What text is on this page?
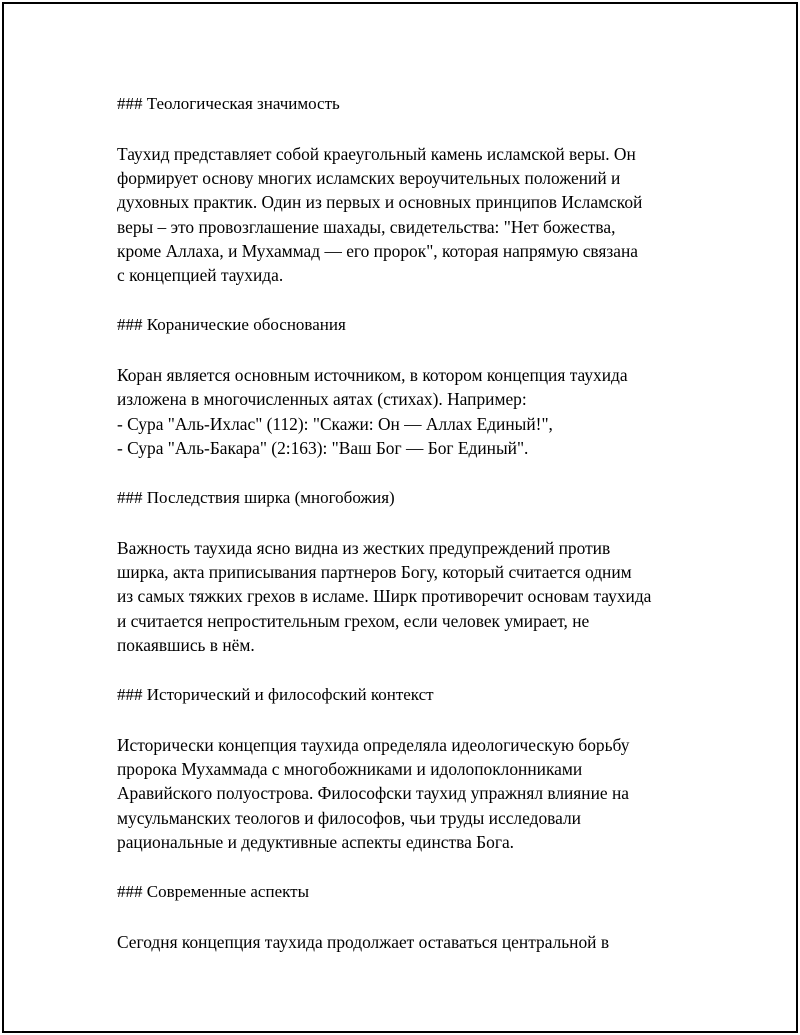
### Теологическая значимость

Таухид представляет собой краеугольный камень исламской веры. Он
формирует основу многих исламских вероучительных положений и
духовных практик. Один из первых и основных принципов Исламской
веры – это провозглашение шахады, свидетельства: "Нет божества,
кроме Аллаха, и Мухаммад — его пророк", которая напрямую связана
с концепцией таухида.

### Коранические обоснования

Коран является основным источником, в котором концепция таухида
изложена в многочисленных аятах (стихах). Например:
- Сура "Аль-Ихлас" (112): "Скажи: Он — Аллах Единый!",
- Сура "Аль-Бакара" (2:163): "Ваш Бог — Бог Единый".

### Последствия ширка (многобожия)

Важность таухида ясно видна из жестких предупреждений против
ширка, акта приписывания партнеров Богу, который считается одним
из самых тяжких грехов в исламе. Ширк противоречит основам таухида
и считается непростительным грехом, если человек умирает, не
покаявшись в нём.

### Исторический и философский контекст

Исторически концепция таухида определяла идеологическую борьбу
пророка Мухаммада с многобожниками и идолопоклонниками
Аравийского полуострова. Философски таухид упражнял влияние на
мусульманских теологов и философов, чьи труды исследовали
рациональные и дедуктивные аспекты единства Бога.

### Современные аспекты

Сегодня концепция таухида продолжает оставаться центральной в
